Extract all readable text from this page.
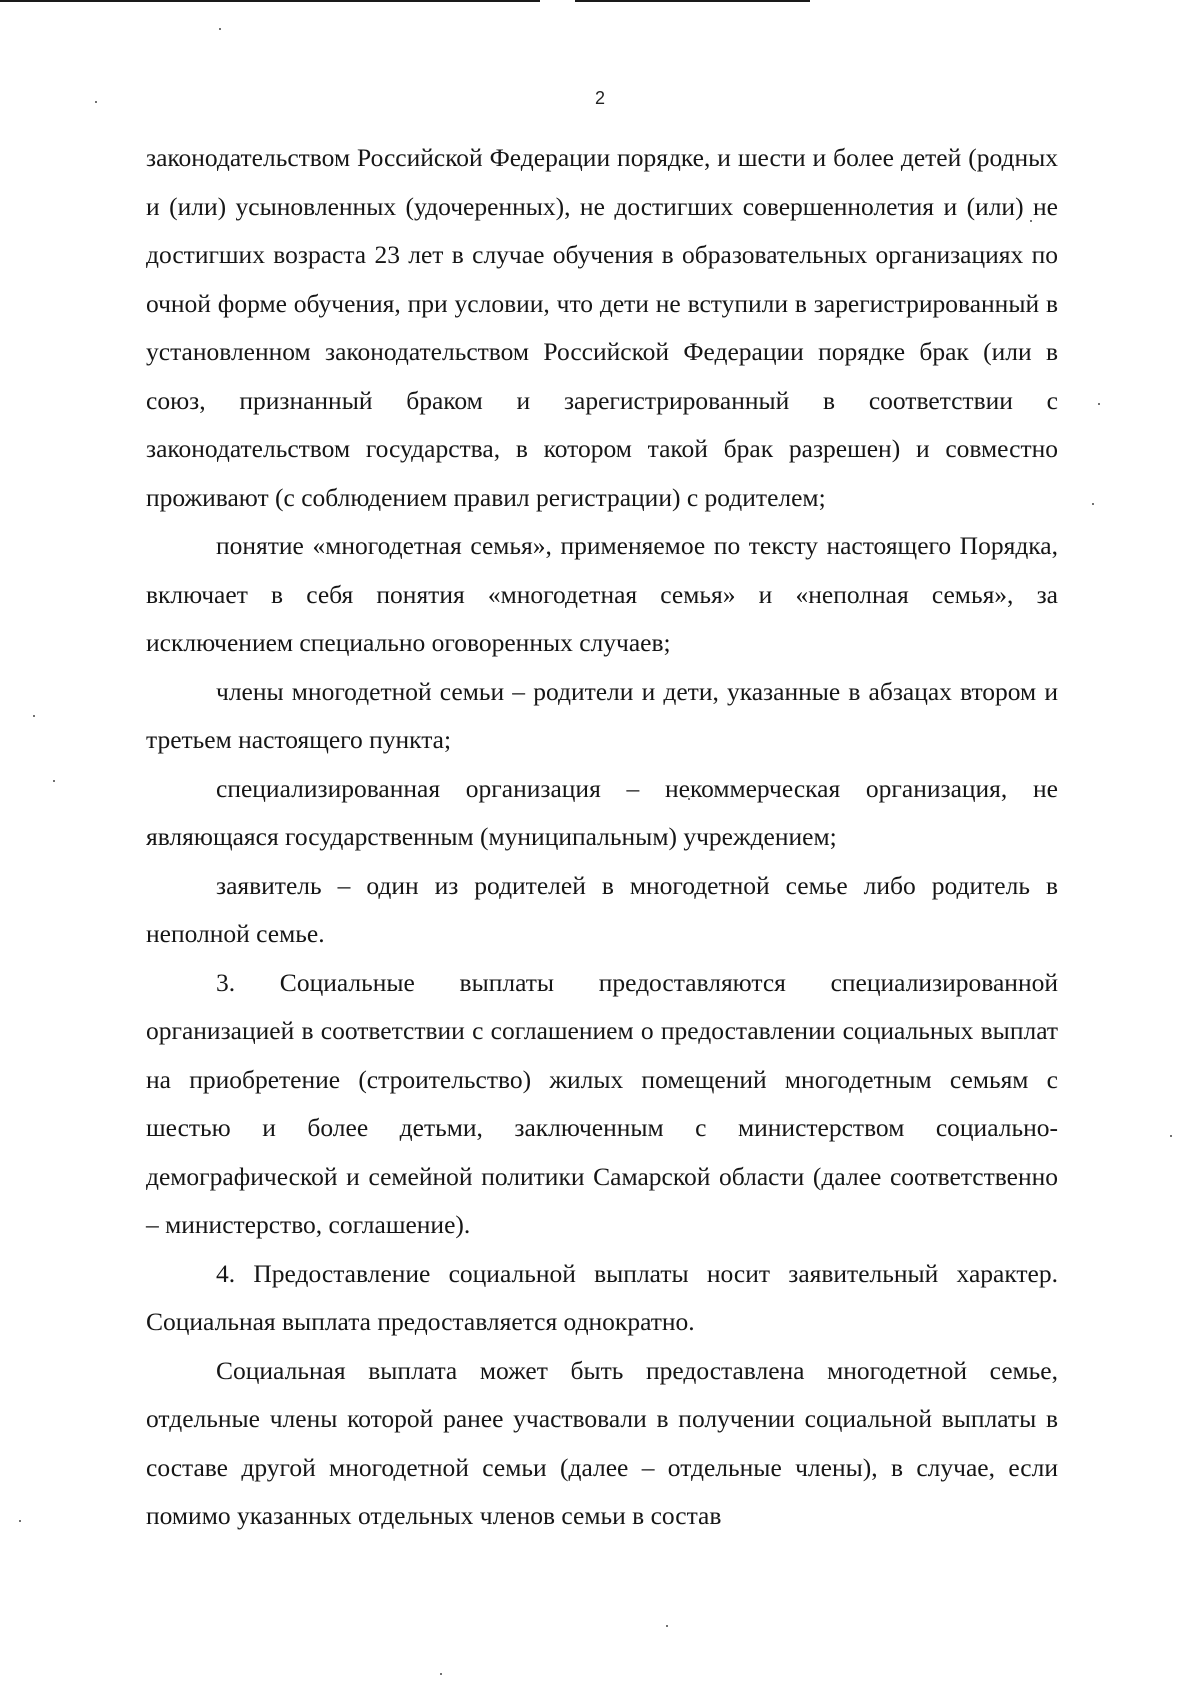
2

законодательством Российской Федерации порядке, и шести и более детей (родных и (или) усыновленных (удочеренных), не достигших совершеннолетия и (или) не достигших возраста 23 лет в случае обучения в образовательных организациях по очной форме обучения, при условии, что дети не вступили в зарегистрированный в установленном законодательством Российской Федерации порядке брак (или в союз, признанный браком и зарегистрированный в соответствии с законодательством государства, в котором такой брак разрешен) и совместно проживают (с соблюдением правил регистрации) с родителем;

понятие «многодетная семья», применяемое по тексту настоящего Порядка, включает в себя понятия «многодетная семья» и «неполная семья», за исключением специально оговоренных случаев;

члены многодетной семьи – родители и дети, указанные в абзацах втором и третьем настоящего пункта;

специализированная организация – некоммерческая организация, не являющаяся государственным (муниципальным) учреждением;

заявитель – один из родителей в многодетной семье либо родитель в неполной семье.

3. Социальные выплаты предоставляются специализированной организацией в соответствии с соглашением о предоставлении социальных выплат на приобретение (строительство) жилых помещений многодетным семьям с шестью и более детьми, заключенным с министерством социально-демографической и семейной политики Самарской области (далее соответственно – министерство, соглашение).

4. Предоставление социальной выплаты носит заявительный характер. Социальная выплата предоставляется однократно.

Социальная выплата может быть предоставлена многодетной семье, отдельные члены которой ранее участвовали в получении социальной выплаты в составе другой многодетной семьи (далее – отдельные члены), в случае, если помимо указанных отдельных членов семьи в состав
